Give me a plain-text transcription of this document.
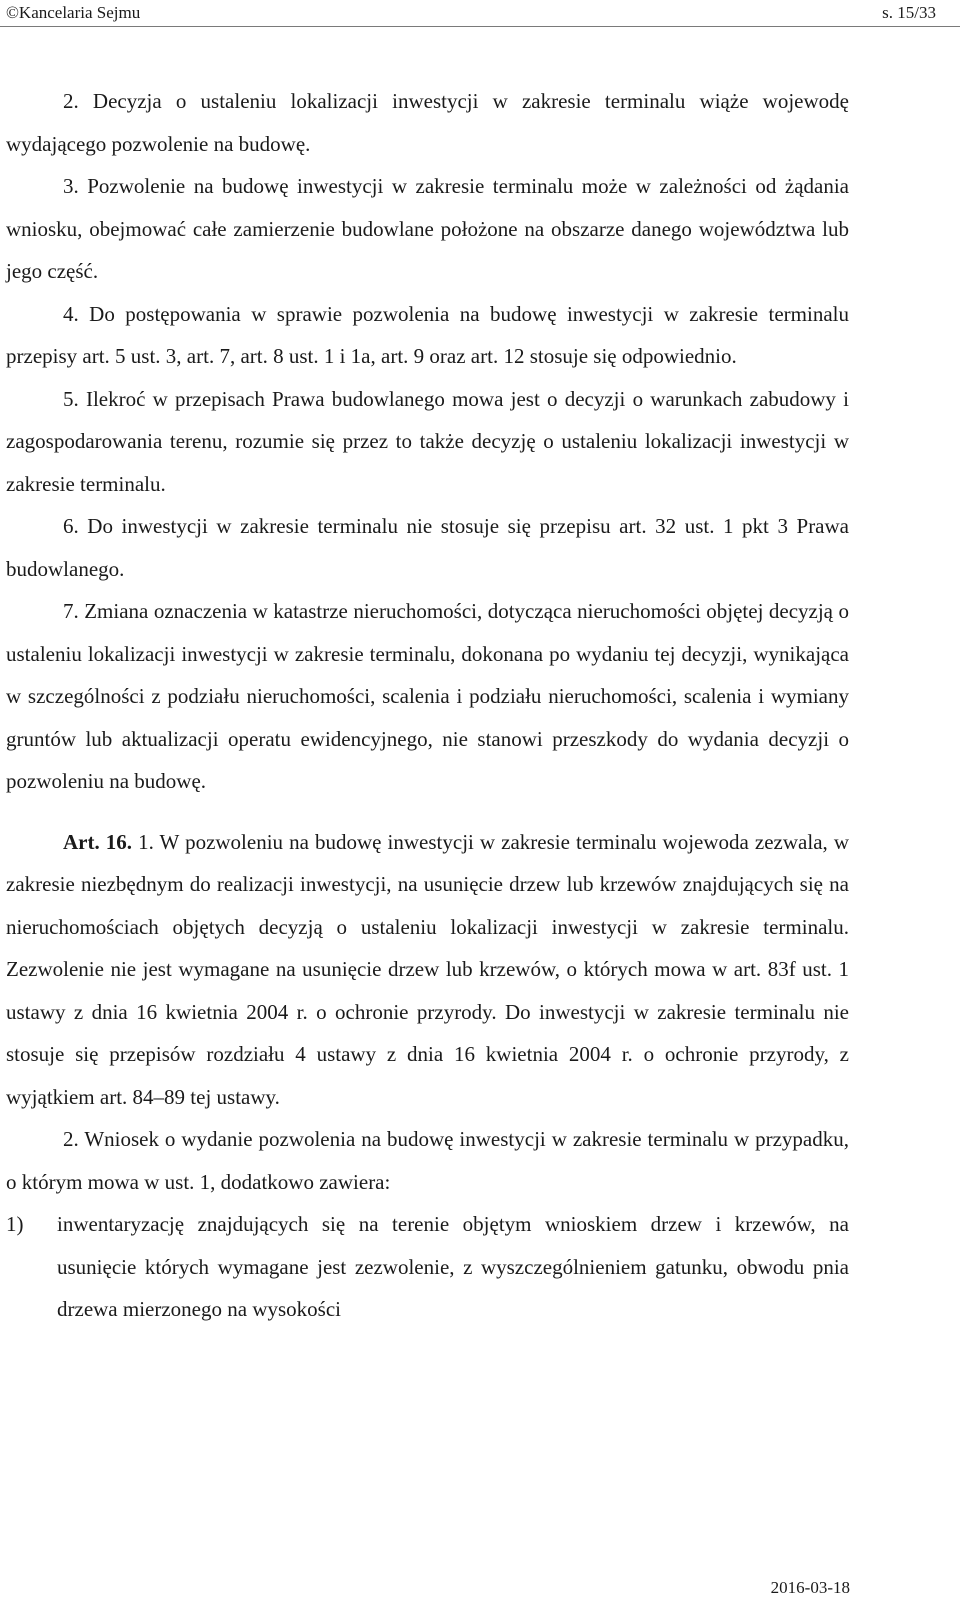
©Kancelaria Sejmu	s. 15/33

2. Decyzja o ustaleniu lokalizacji inwestycji w zakresie terminalu wiąże wojewodę wydającego pozwolenie na budowę.

3. Pozwolenie na budowę inwestycji w zakresie terminalu może w zależności od żądania wniosku, obejmować całe zamierzenie budowlane położone na obszarze danego województwa lub jego część.

4. Do postępowania w sprawie pozwolenia na budowę inwestycji w zakresie terminalu przepisy art. 5 ust. 3, art. 7, art. 8 ust. 1 i 1a, art. 9 oraz art. 12 stosuje się odpowiednio.

5. Ilekroć w przepisach Prawa budowlanego mowa jest o decyzji o warunkach zabudowy i zagospodarowania terenu, rozumie się przez to także decyzję o ustaleniu lokalizacji inwestycji w zakresie terminalu.

6. Do inwestycji w zakresie terminalu nie stosuje się przepisu art. 32 ust. 1 pkt 3 Prawa budowlanego.

7. Zmiana oznaczenia w katastrze nieruchomości, dotycząca nieruchomości objętej decyzją o ustaleniu lokalizacji inwestycji w zakresie terminalu, dokonana po wydaniu tej decyzji, wynikająca w szczególności z podziału nieruchomości, scalenia i podziału nieruchomości, scalenia i wymiany gruntów lub aktualizacji operatu ewidencyjnego, nie stanowi przeszkody do wydania decyzji o pozwoleniu na budowę.

Art. 16. 1. W pozwoleniu na budowę inwestycji w zakresie terminalu wojewoda zezwala, w zakresie niezbędnym do realizacji inwestycji, na usunięcie drzew lub krzewów znajdujących się na nieruchomościach objętych decyzją o ustaleniu lokalizacji inwestycji w zakresie terminalu. Zezwolenie nie jest wymagane na usunięcie drzew lub krzewów, o których mowa w art. 83f ust. 1 ustawy z dnia 16 kwietnia 2004 r. o ochronie przyrody. Do inwestycji w zakresie terminalu nie stosuje się przepisów rozdziału 4 ustawy z dnia 16 kwietnia 2004 r. o ochronie przyrody, z wyjątkiem art. 84–89 tej ustawy.

2. Wniosek o wydanie pozwolenia na budowę inwestycji w zakresie terminalu w przypadku, o którym mowa w ust. 1, dodatkowo zawiera:

1) inwentaryzację znajdujących się na terenie objętym wnioskiem drzew i krzewów, na usunięcie których wymagane jest zezwolenie, z wyszczególnieniem gatunku, obwodu pnia drzewa mierzonego na wysokości
2016-03-18
